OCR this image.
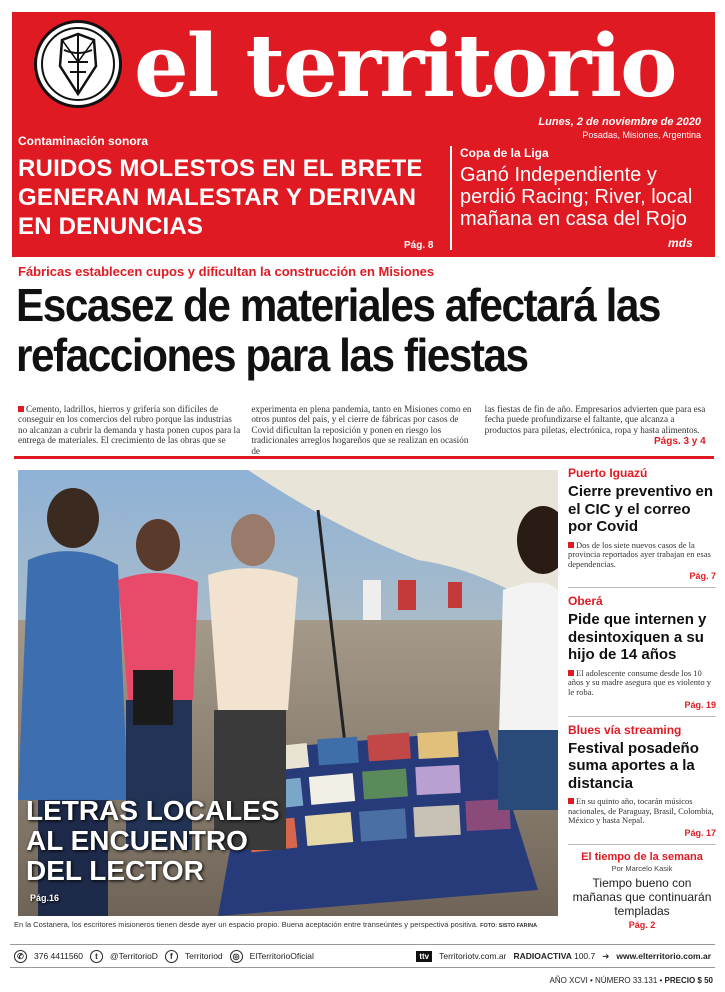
el territorio
Lunes, 2 de noviembre de 2020
Posadas, Misiones, Argentina
Contaminación sonora
RUIDOS MOLESTOS EN EL BRETE GENERAN MALESTAR Y DERIVAN EN DENUNCIAS
Pág. 8
Copa de la Liga
Ganó Independiente y perdió Racing; River, local mañana en casa del Rojo
mds
Fábricas establecen cupos y dificultan la construcción en Misiones
Escasez de materiales afectará las refacciones para las fiestas
Cemento, ladrillos, hierros y grifería son difíciles de conseguir en los comercios del rubro porque las industrias no alcanzan a cubrir la demanda y hasta ponen cupos para la entrega de materiales. El crecimiento de las obras que se
experimenta en plena pandemia, tanto en Misiones como en otros puntos del país, y el cierre de fábricas por casos de Covid dificultan la reposición y ponen en riesgo los tradicionales arreglos hogareños que se realizan en ocasión de
las fiestas de fin de año. Empresarios advierten que para esa fecha puede profundizarse el faltante, que alcanza a productos para piletas, electrónica, ropa y hasta alimentos.
Págs. 3 y 4
LETRAS LOCALES
AL ENCUENTRO
DEL LECTOR
Pág.16
En la Costanera, los escritores misioneros tienen desde ayer un espacio propio. Buena aceptación entre transeúntes y perspectiva positiva. FOTO: SISTO FARINA
Puerto Iguazú
Cierre preventivo en el CIC y el correo por Covid
Dos de los siete nuevos casos de la provincia reportados ayer trabajan en esas dependencias.
Pág. 7
Oberá
Pide que internen y desintoxiquen a su hijo de 14 años
El adolescente consume desde los 10 años y su madre asegura que es violento y le roba.
Pág. 19
Blues vía streaming
Festival posadeño suma aportes a la distancia
En su quinto año, tocarán músicos nacionales, de Paraguay, Brasil, Colombia, México y hasta Nepal.
Pág. 17
El tiempo de la semana
Por Marcelo Kasik
Tiempo bueno con mañanas que continuarán templadas
Pág. 2
✆	376 4411560	t	@TerritorioD	f	Territoriod	◎	ElTerritorioOficial	ttv	Territoriotv.com.ar RADIOACTIVA 100.7 ➜ www.elterritorio.com.ar
AÑO XCVI • NÚMERO 33.131 • PRECIO $ 50
